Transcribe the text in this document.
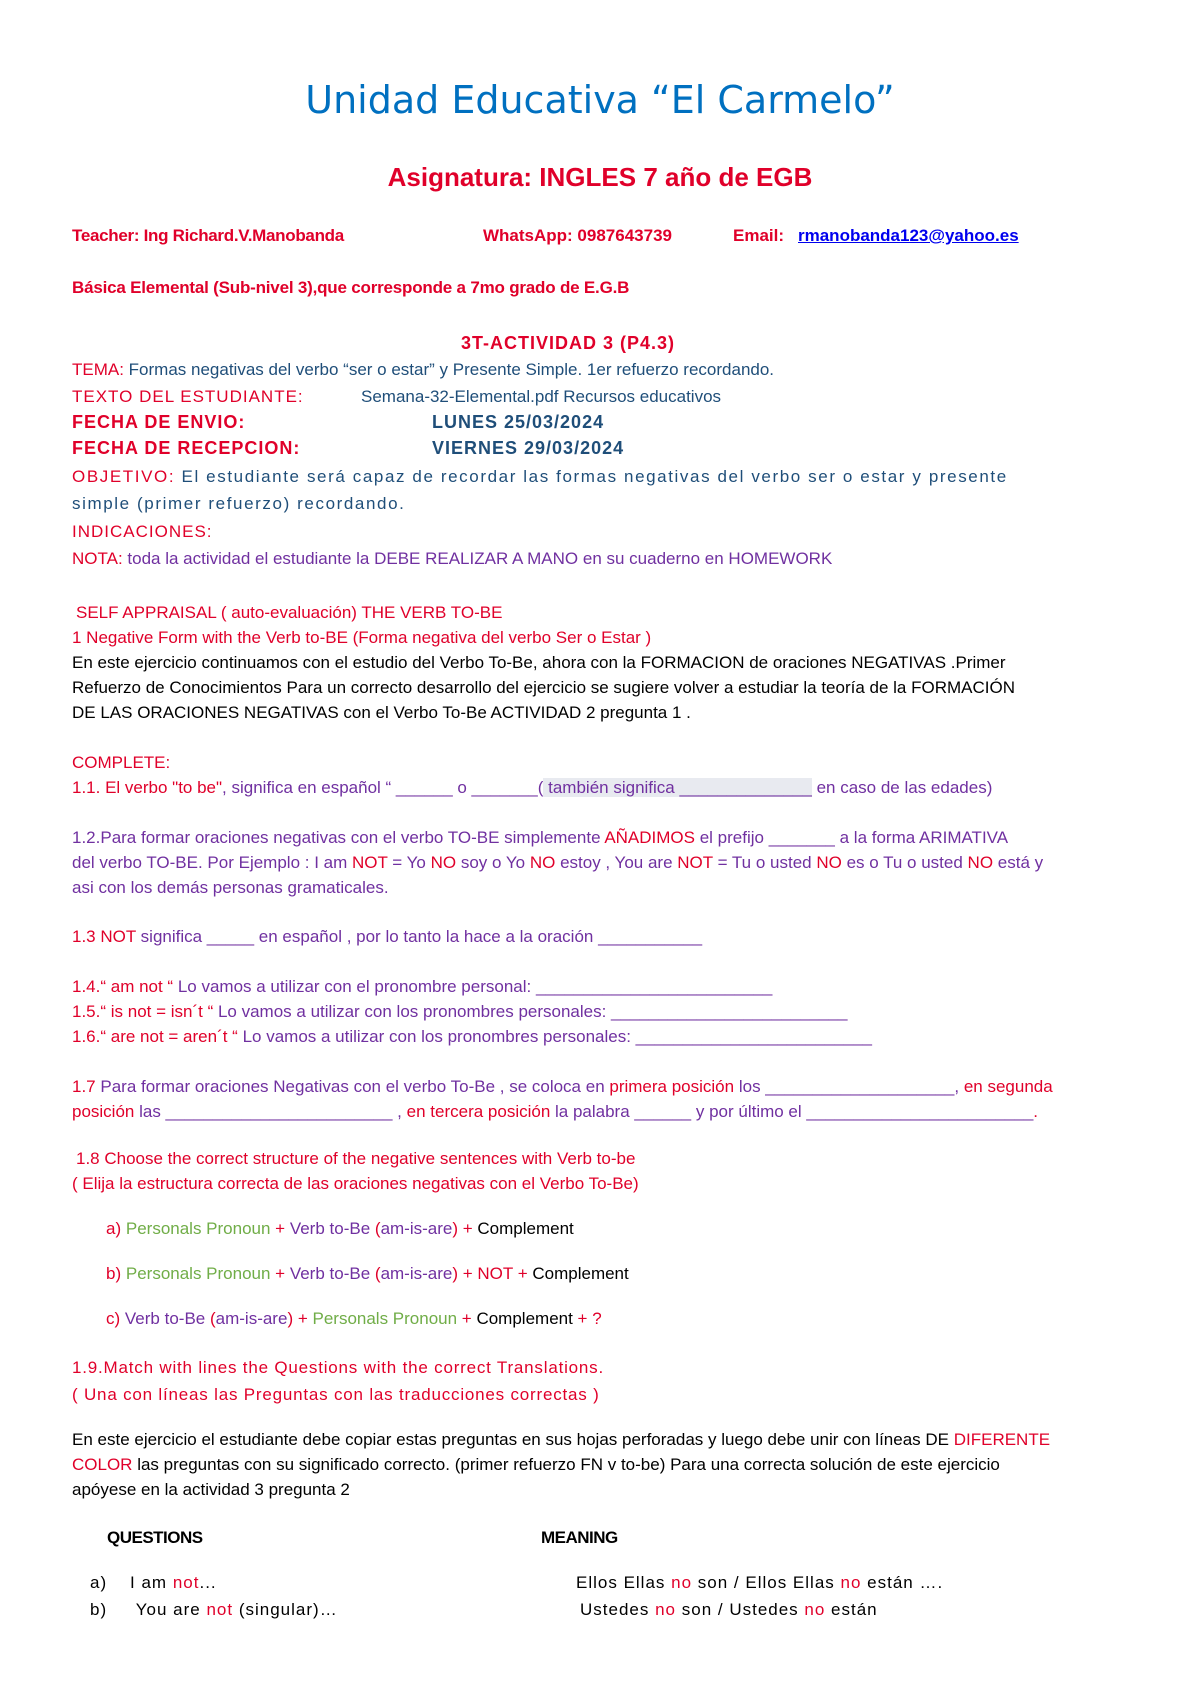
Unidad Educativa “El Carmelo”
Asignatura: INGLES 7 año de EGB
Teacher: Ing Richard.V.Manobanda	WhatsApp: 0987643739	Email: rmanobanda123@yahoo.es
Básica Elemental (Sub-nivel 3),que corresponde a 7mo grado de E.G.B
3T-ACTIVIDAD 3 (P4.3)
TEMA: Formas negativas del verbo “ser o estar” y Presente Simple. 1er refuerzo recordando.
TEXTO DEL ESTUDIANTE:	Semana-32-Elemental.pdf Recursos educativos
FECHA DE ENVIO:	LUNES 25/03/2024
FECHA DE RECEPCION:	VIERNES 29/03/2024
OBJETIVO: El estudiante será capaz de recordar las formas negativas del verbo ser o estar y presente
simple (primer refuerzo) recordando.
INDICACIONES:
NOTA: toda la actividad el estudiante la DEBE REALIZAR A MANO en su cuaderno en HOMEWORK
SELF APPRAISAL ( auto-evaluación) THE VERB TO-BE
1 Negative Form with the Verb to-BE (Forma negativa del verbo Ser o Estar )
En este ejercicio continuamos con el estudio del Verbo To-Be, ahora con la FORMACION de oraciones NEGATIVAS .Primer
Refuerzo de Conocimientos Para un correcto desarrollo del ejercicio se sugiere volver a estudiar la teoría de la FORMACIÓN
DE LAS ORACIONES NEGATIVAS con el Verbo To-Be ACTIVIDAD 2 pregunta 1 .
COMPLETE:
1.1. El verbo "to be", significa en español “ ______ o _______( también significa ______________ en caso de las edades)
1.2.Para formar oraciones negativas con el verbo TO-BE simplemente AÑADIMOS el prefijo _______ a la forma ARIMATIVA
del verbo TO-BE. Por Ejemplo : I am NOT = Yo NO soy o Yo NO estoy , You are NOT = Tu o usted NO es o Tu o usted NO está y
asi con los demás personas gramaticales.
1.3 NOT significa _____ en español , por lo tanto la hace a la oración ___________
1.4.“ am not “ Lo vamos a utilizar con el pronombre personal: _________________________
1.5.“ is not = isn´t “ Lo vamos a utilizar con los pronombres personales: _________________________
1.6.“ are not = aren´t “ Lo vamos a utilizar con los pronombres personales: _________________________
1.7 Para formar oraciones Negativas con el verbo To-Be , se coloca en primera posición los ____________________, en segunda
posición las ________________________ , en tercera posición la palabra ______ y por último el ________________________.
1.8 Choose the correct structure of the negative sentences with Verb to-be
( Elija la estructura correcta de las oraciones negativas con el Verbo To-Be)
a) Personals Pronoun + Verb to-Be (am-is-are) + Complement
b) Personals Pronoun + Verb to-Be (am-is-are) + NOT + Complement
c) Verb to-Be (am-is-are) + Personals Pronoun + Complement + ?
1.9.Match with lines the Questions with the correct Translations.
( Una con líneas las Preguntas con las traducciones correctas )
En este ejercicio el estudiante debe copiar estas preguntas en sus hojas perforadas y luego debe unir con líneas DE DIFERENTE
COLOR las preguntas con su significado correcto. (primer refuerzo FN v to-be) Para una correcta solución de este ejercicio
apóyese en la actividad 3 pregunta 2
QUESTIONS	MEANING
a) I am not...	Ellos Ellas no son / Ellos Ellas no están ….
b) You are not (singular)…	Ustedes no son / Ustedes no están
